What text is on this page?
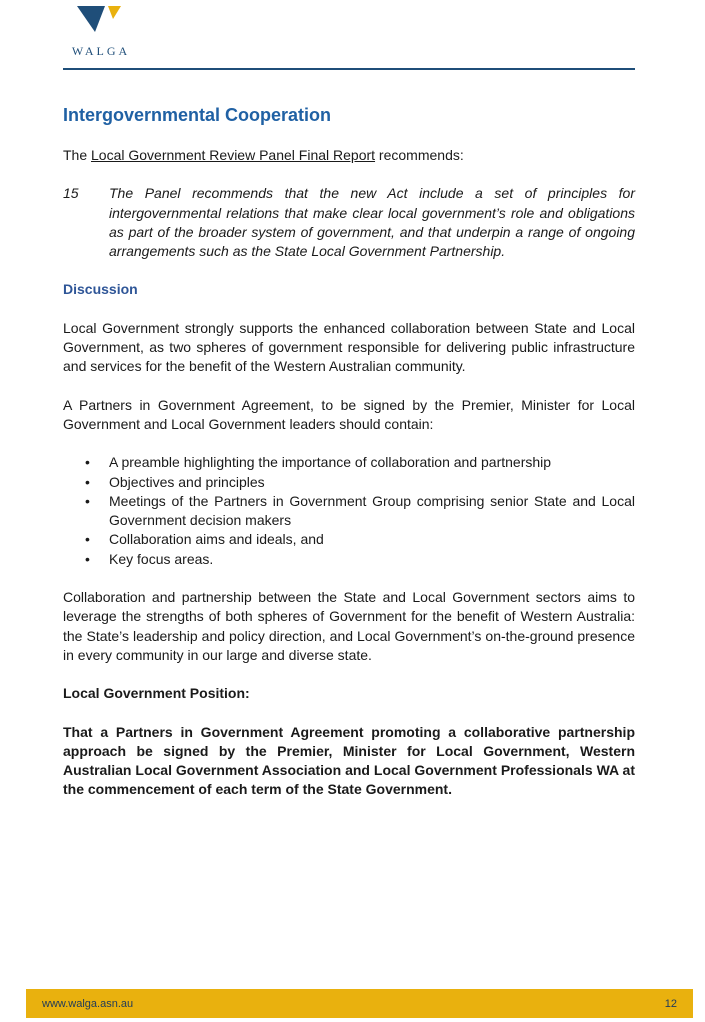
WALGA
Intergovernmental Cooperation

The Local Government Review Panel Final Report recommends:

15	The Panel recommends that the new Act include a set of principles for intergovernmental relations that make clear local government’s role and obligations as part of the broader system of government, and that underpin a range of ongoing arrangements such as the State Local Government Partnership.
Discussion

Local Government strongly supports the enhanced collaboration between State and Local Government, as two spheres of government responsible for delivering public infrastructure and services for the benefit of the Western Australian community.

A Partners in Government Agreement, to be signed by the Premier, Minister for Local Government and Local Government leaders should contain:

• A preamble highlighting the importance of collaboration and partnership
• Objectives and principles
• Meetings of the Partners in Government Group comprising senior State and Local Government decision makers
• Collaboration aims and ideals, and
• Key focus areas.

Collaboration and partnership between the State and Local Government sectors aims to leverage the strengths of both spheres of Government for the benefit of Western Australia: the State’s leadership and policy direction, and Local Government’s on-the-ground presence in every community in our large and diverse state.

Local Government Position:

That a Partners in Government Agreement promoting a collaborative partnership approach be signed by the Premier, Minister for Local Government, Western Australian Local Government Association and Local Government Professionals WA at the commencement of each term of the State Government.

www.walga.asn.au	12
